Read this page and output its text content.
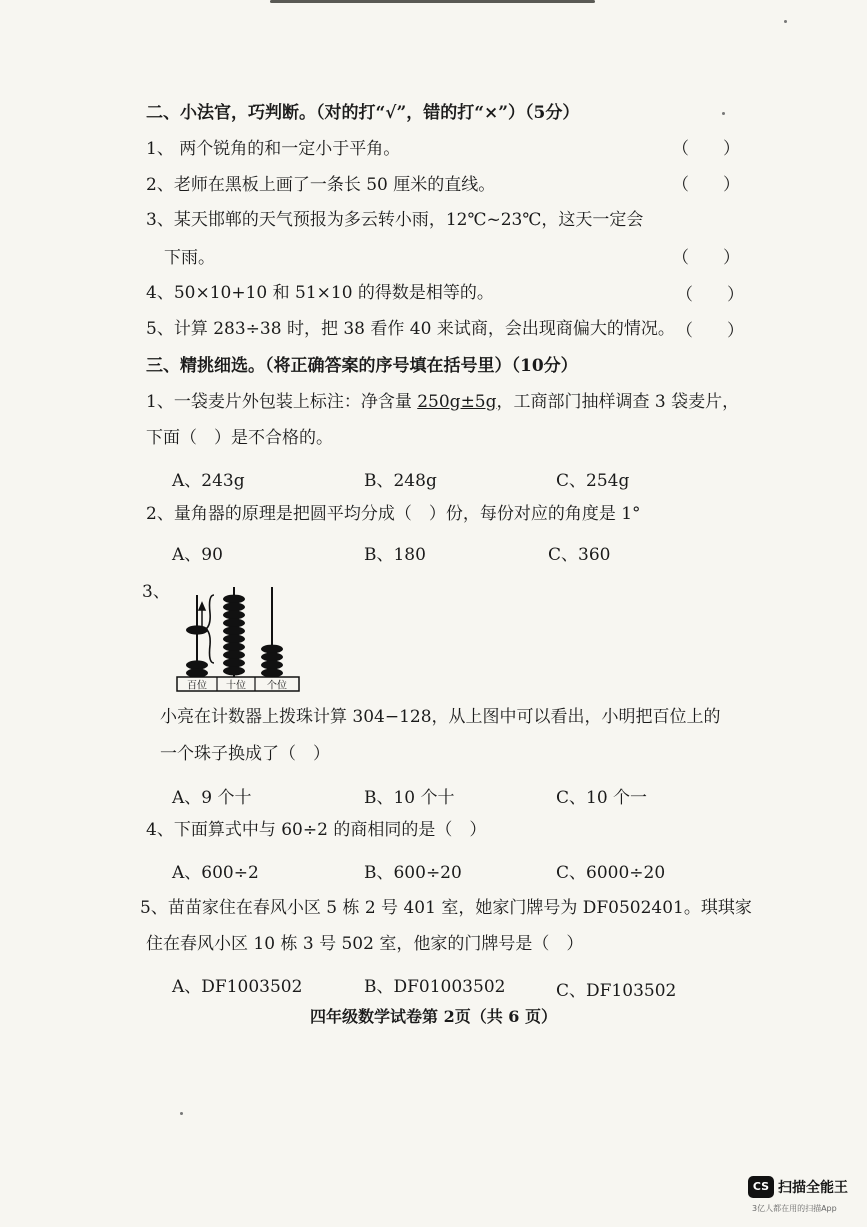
二、小法官，巧判断。（对的打“√”，错的打“×”）（5分）
1、 两个锐角的和一定小于平角。	（　　）
2、老师在黑板上画了一条长 50 厘米的直线。	（　　）
3、某天邯郸的天气预报为多云转小雨，12℃~23℃，这天一定会
下雨。	（　　）
4、50×10+10 和 51×10 的得数是相等的。	（　　）
5、计算 283÷38 时，把 38 看作 40 来试商，会出现商偏大的情况。 （　　）
三、精挑细选。（将正确答案的序号填在括号里）（10分）
1、一袋麦片外包装上标注：净含量 250g±5g，工商部门抽样调查 3 袋麦片，
下面（　）是不合格的。
A、243g	B、248g	C、254g
2、量角器的原理是把圆平均分成（　）份，每份对应的角度是 1°
A、90	B、180	C、360
3、
百位 十位 个位
小亮在计数器上拨珠计算 304−128，从上图中可以看出，小明把百位上的
一个珠子换成了（　）
A、9 个十	B、10 个十	C、10 个一
4、下面算式中与 60÷2 的商相同的是（　）
A、600÷2	B、600÷20	C、6000÷20
5、苗苗家住在春风小区 5 栋 2 号 401 室，她家门牌号为 DF0502401。琪琪家
住在春风小区 10 栋 3 号 502 室，他家的门牌号是（　）
A、DF1003502	B、DF01003502	C、DF103502
四年级数学试卷第 2页（共 6 页）
CS 扫描全能王
3亿人都在用的扫描App
